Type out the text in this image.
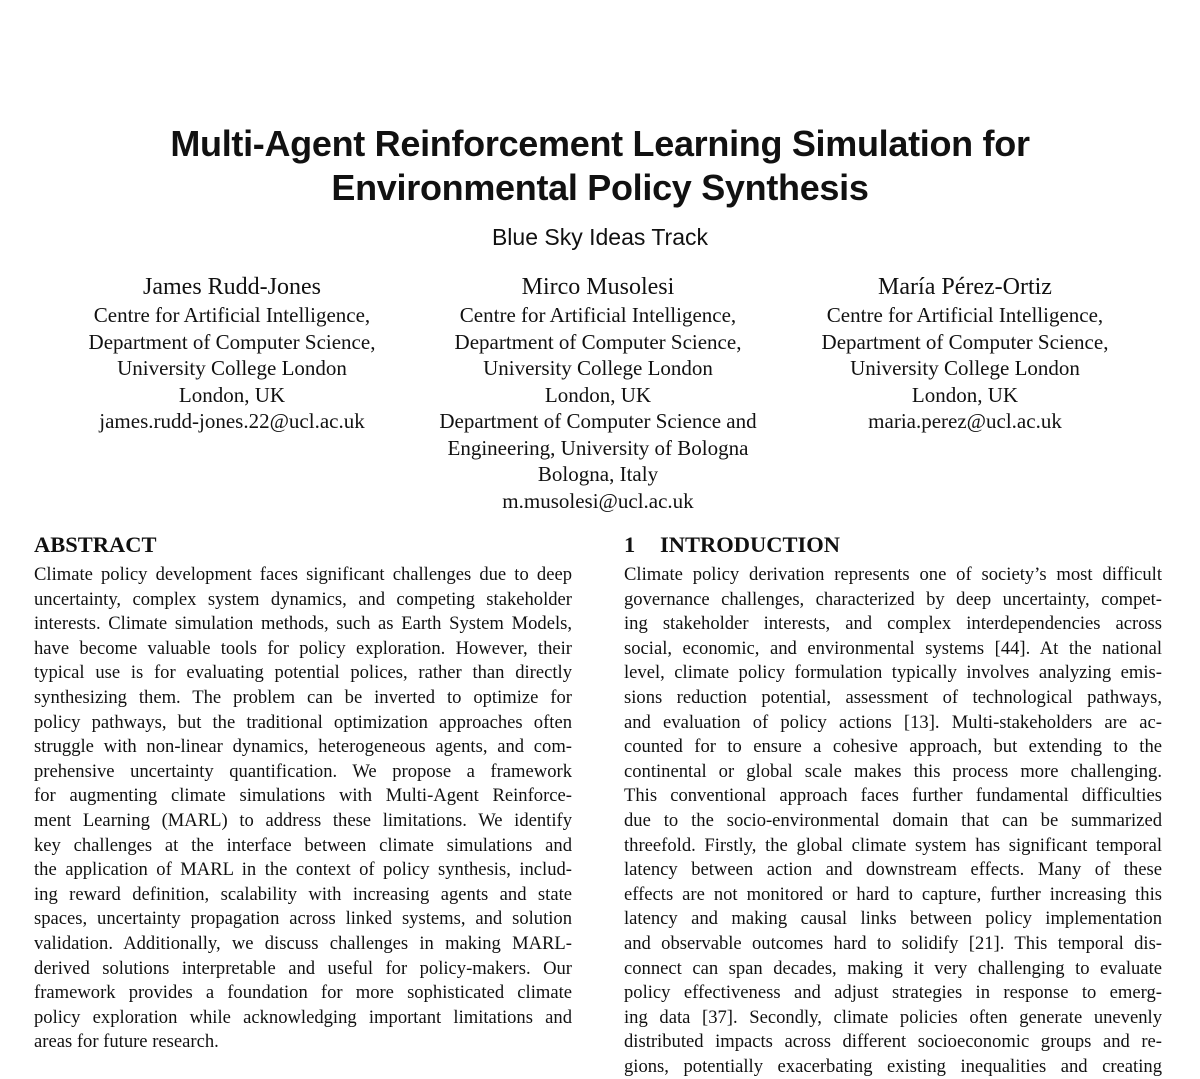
Multi-Agent Reinforcement Learning Simulation for
Environmental Policy Synthesis
Blue Sky Ideas Track
James Rudd-Jones
Centre for Artificial Intelligence,
Department of Computer Science,
University College London
London, UK
james.rudd-jones.22@ucl.ac.uk
Mirco Musolesi
Centre for Artificial Intelligence,
Department of Computer Science,
University College London
London, UK
Department of Computer Science and
Engineering, University of Bologna
Bologna, Italy
m.musolesi@ucl.ac.uk
María Pérez-Ortiz
Centre for Artificial Intelligence,
Department of Computer Science,
University College London
London, UK
maria.perez@ucl.ac.uk
ABSTRACT	1 INTRODUCTION
Climate policy development faces significant challenges due to deep
uncertainty, complex system dynamics, and competing stakeholder
interests. Climate simulation methods, such as Earth System Models,
have become valuable tools for policy exploration. However, their
typical use is for evaluating potential polices, rather than directly
synthesizing them. The problem can be inverted to optimize for
policy pathways, but the traditional optimization approaches often
struggle with non-linear dynamics, heterogeneous agents, and com-
prehensive uncertainty quantification. We propose a framework
for augmenting climate simulations with Multi-Agent Reinforce-
ment Learning (MARL) to address these limitations. We identify
key challenges at the interface between climate simulations and
the application of MARL in the context of policy synthesis, includ-
ing reward definition, scalability with increasing agents and state
spaces, uncertainty propagation across linked systems, and solution
validation. Additionally, we discuss challenges in making MARL-
derived solutions interpretable and useful for policy-makers. Our
framework provides a foundation for more sophisticated climate
policy exploration while acknowledging important limitations and
areas for future research.
Climate policy derivation represents one of society’s most difficult
governance challenges, characterized by deep uncertainty, compet-
ing stakeholder interests, and complex interdependencies across
social, economic, and environmental systems [44]. At the national
level, climate policy formulation typically involves analyzing emis-
sions reduction potential, assessment of technological pathways,
and evaluation of policy actions [13]. Multi-stakeholders are ac-
counted for to ensure a cohesive approach, but extending to the
continental or global scale makes this process more challenging.
This conventional approach faces further fundamental difficulties
due to the socio-environmental domain that can be summarized
threefold. Firstly, the global climate system has significant temporal
latency between action and downstream effects. Many of these
effects are not monitored or hard to capture, further increasing this
latency and making causal links between policy implementation
and observable outcomes hard to solidify [21]. This temporal dis-
connect can span decades, making it very challenging to evaluate
policy effectiveness and adjust strategies in response to emerg-
ing data [37]. Secondly, climate policies often generate unevenly
distributed impacts across different socioeconomic groups and re-
gions, potentially exacerbating existing inequalities and creating
